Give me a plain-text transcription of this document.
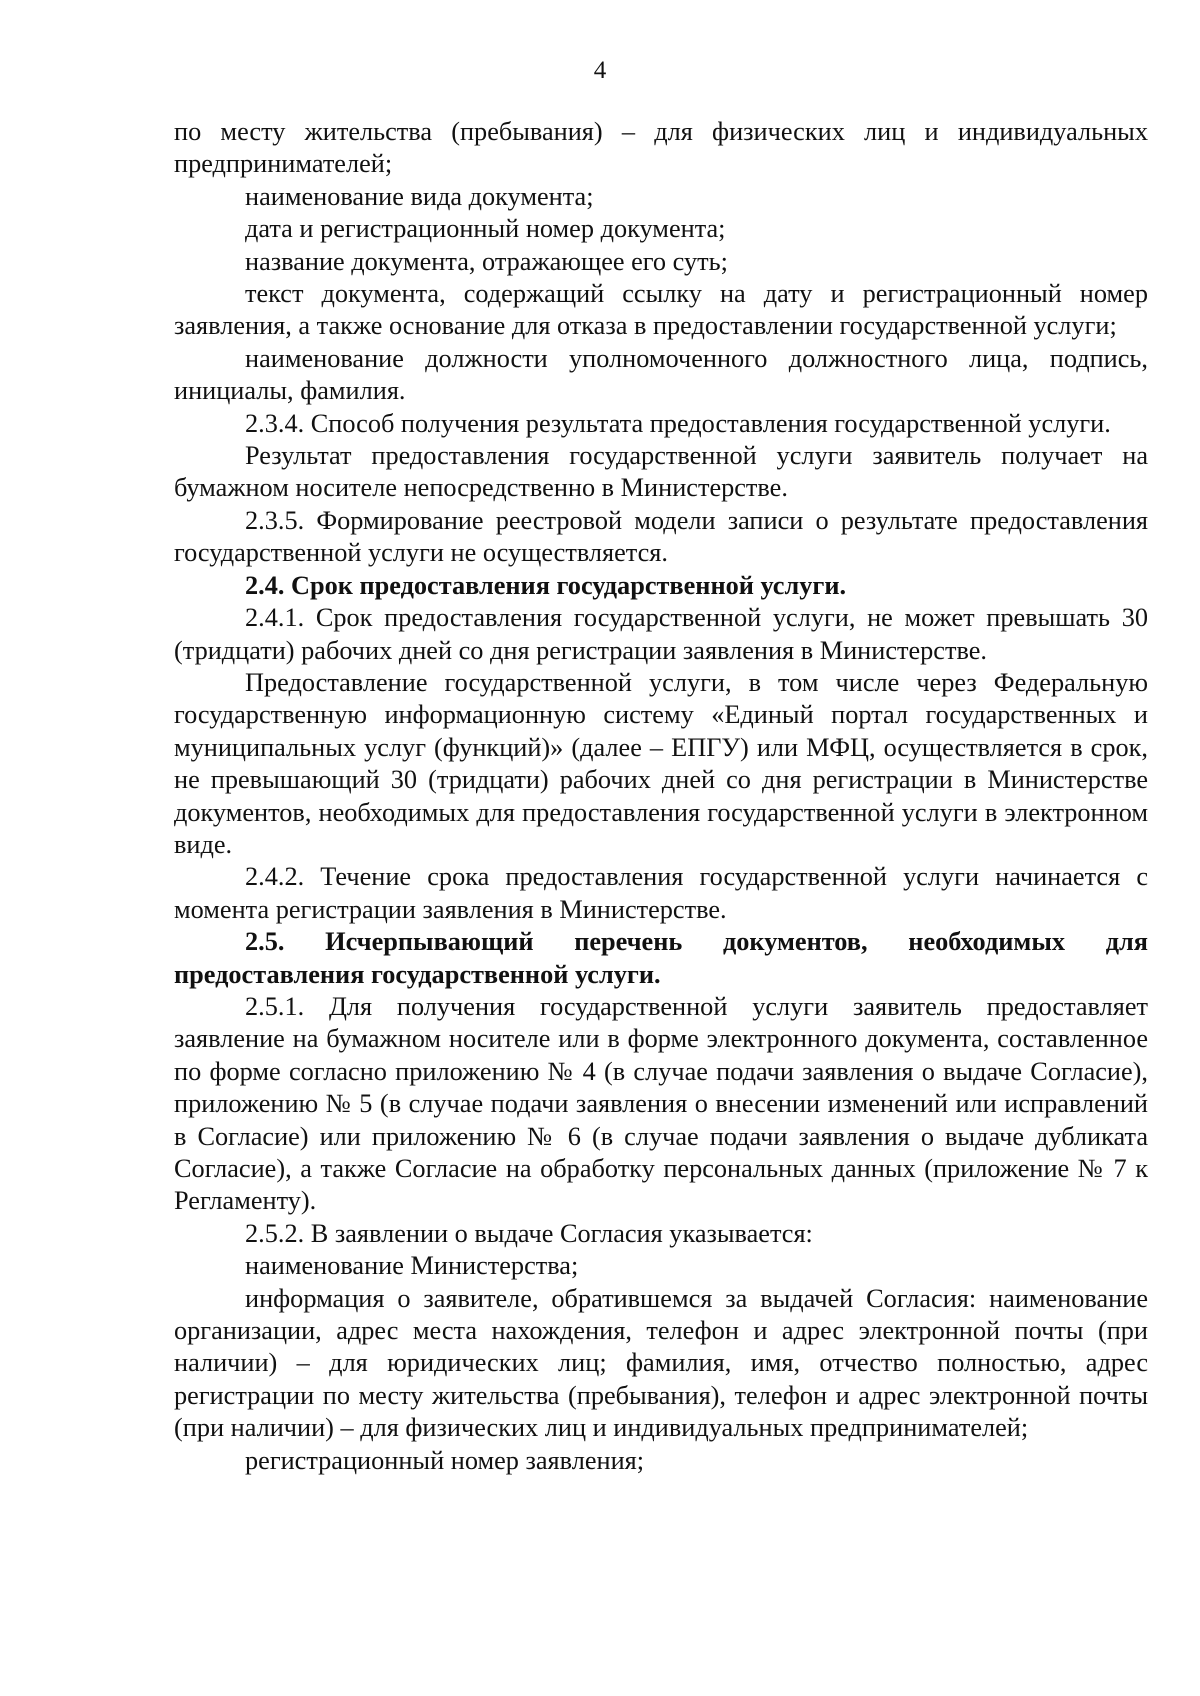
4

по месту жительства (пребывания) – для физических лиц и индивидуальных предпринимателей;

наименование вида документа;

дата и регистрационный номер документа;

название документа, отражающее его суть;

текст документа, содержащий ссылку на дату и регистрационный номер заявления, а также основание для отказа в предоставлении государственной услуги;

наименование должности уполномоченного должностного лица, подпись, инициалы, фамилия.

2.3.4. Способ получения результата предоставления государственной услуги.

Результат предоставления государственной услуги заявитель получает на бумажном носителе непосредственно в Министерстве.

2.3.5. Формирование реестровой модели записи о результате предоставления государственной услуги не осуществляется.

2.4. Срок предоставления государственной услуги.

2.4.1. Срок предоставления государственной услуги, не может превышать 30 (тридцати) рабочих дней со дня регистрации заявления в Министерстве.

Предоставление государственной услуги, в том числе через Федеральную государственную информационную систему «Единый портал государственных и муниципальных услуг (функций)» (далее – ЕПГУ) или МФЦ, осуществляется в срок, не превышающий 30 (тридцати) рабочих дней со дня регистрации в Министерстве документов, необходимых для предоставления государственной услуги в электронном виде.

2.4.2. Течение срока предоставления государственной услуги начинается с момента регистрации заявления в Министерстве.

2.5. Исчерпывающий перечень документов, необходимых для предоставления государственной услуги.

2.5.1. Для получения государственной услуги заявитель предоставляет заявление на бумажном носителе или в форме электронного документа, составленное по форме согласно приложению № 4 (в случае подачи заявления о выдаче Согласие), приложению № 5 (в случае подачи заявления о внесении изменений или исправлений в Согласие) или приложению № 6 (в случае подачи заявления о выдаче дубликата Согласие), а также Согласие на обработку персональных данных (приложение № 7 к Регламенту).

2.5.2. В заявлении о выдаче Согласия указывается:

наименование Министерства;

информация о заявителе, обратившемся за выдачей Согласия: наименование организации, адрес места нахождения, телефон и адрес электронной почты (при наличии) – для юридических лиц; фамилия, имя, отчество полностью, адрес регистрации по месту жительства (пребывания), телефон и адрес электронной почты (при наличии) – для физических лиц и индивидуальных предпринимателей;

регистрационный номер заявления;
